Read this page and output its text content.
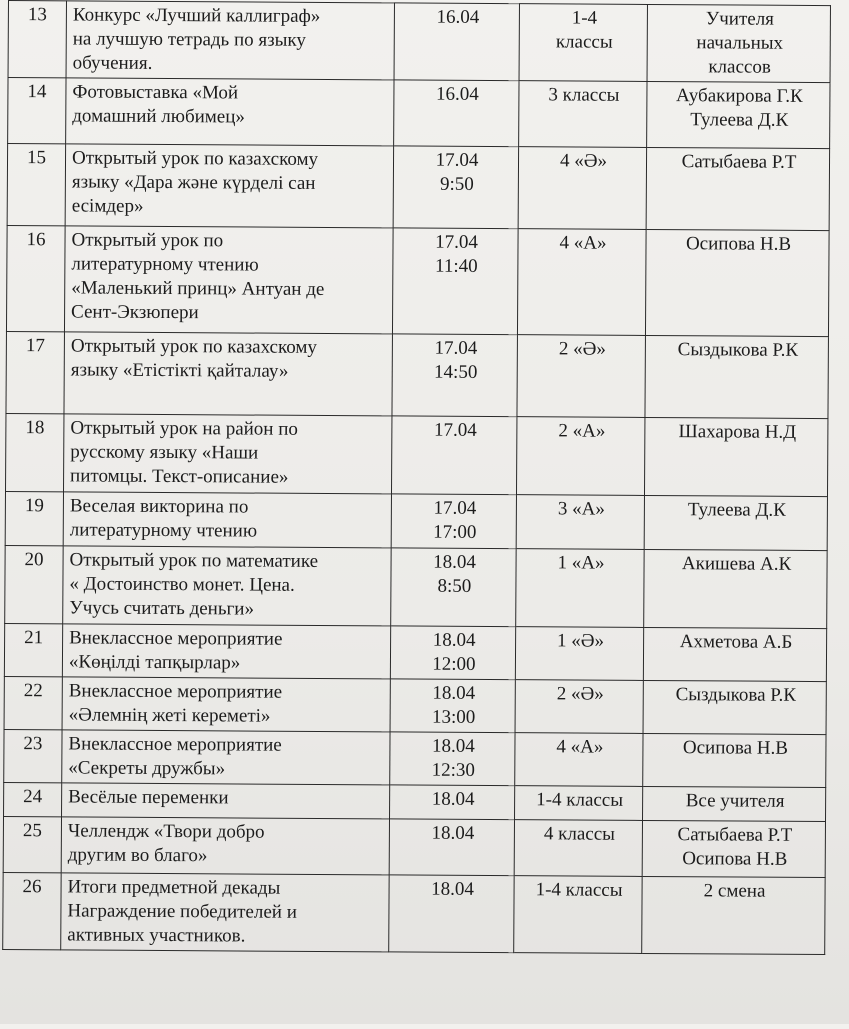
13	Конкурс «Лучший каллиграф»
на лучшую тетрадь по языку
обучения.	16.04	1-4
классы	Учителя
начальных
классов
14	Фотовыставка «Мой
домашний любимец»	16.04	3 классы	Аубакирова Г.К
Тулеева Д.К
15	Открытый урок по казахскому
языку «Дара және күрделі сан
есімдер»	17.04
9:50	4 «Ә»	Сатыбаева Р.Т
16	Открытый урок по
литературному чтению
«Маленький принц» Антуан де
Сент-Экзюпери	17.04
11:40	4 «А»	Осипова Н.В
17	Открытый урок по казахскому
языку «Етістікті қайталау»	17.04
14:50	2 «Ә»	Сыздыкова Р.К
18	Открытый урок на район по
русскому языку «Наши
питомцы. Текст-описание»	17.04	2 «А»	Шахарова Н.Д
19	Веселая викторина по
литературному чтению	17.04
17:00	3 «А»	Тулеева Д.К
20	Открытый урок по математике
« Достоинство монет. Цена.
Учусь считать деньги»	18.04
8:50	1 «А»	Акишева А.К
21	Внеклассное мероприятие
«Көңілді тапқырлар»	18.04
12:00	1 «Ә»	Ахметова А.Б
22	Внеклассное мероприятие
«Әлемнің жеті кереметі»	18.04
13:00	2 «Ә»	Сыздыкова Р.К
23	Внеклассное мероприятие
«Секреты дружбы»	18.04
12:30	4 «А»	Осипова Н.В
24	Весёлые переменки	18.04	1-4 классы	Все учителя
25	Челлендж «Твори добро
другим во благо»	18.04	4 классы	Сатыбаева Р.Т
Осипова Н.В
26	Итоги предметной декады
Награждение победителей и
активных участников.	18.04	1-4 классы	2 смена
